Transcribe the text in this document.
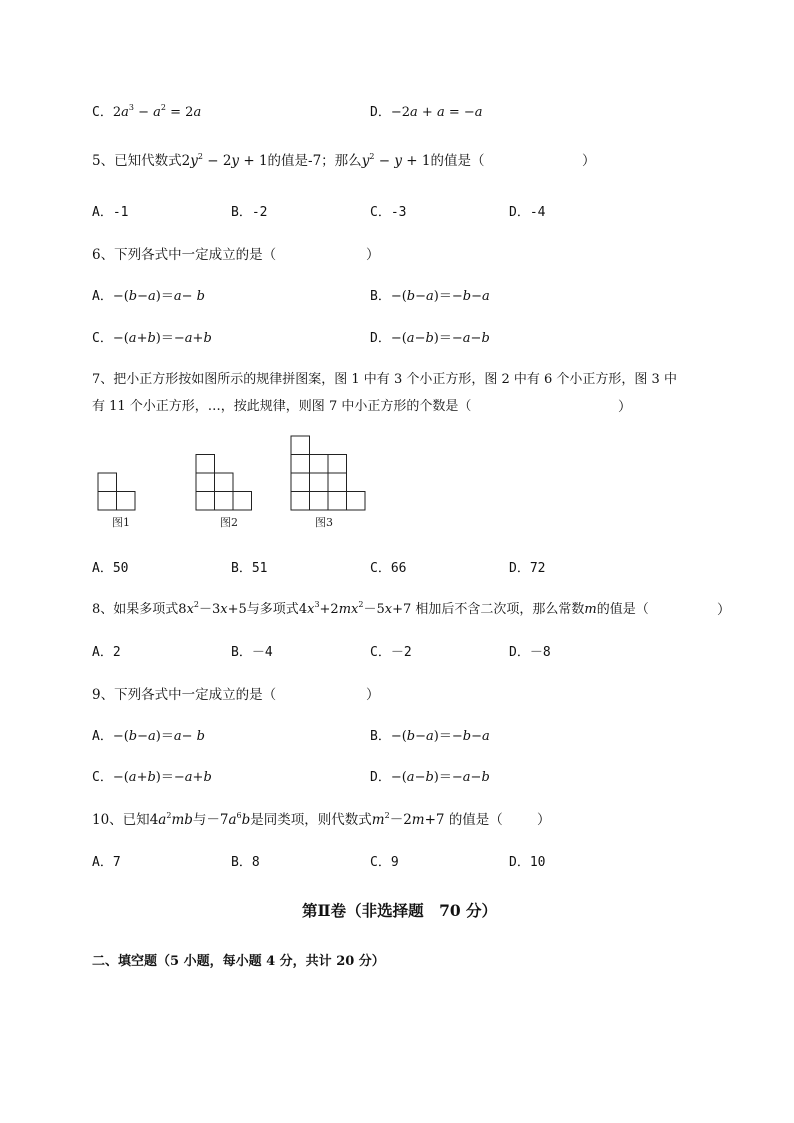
C．$2a^3 - a^2 = 2a$	D．−2a + a = −a
5、已知代数式$2y^2 - 2y + 1$的值是-7；那么$y^2 - y + 1$的值是（	）
A．-1	B．-2	C．-3	D．-4
6、下列各式中一定成立的是（	）
A．−(b−a)＝a− b	B．−(b−a)＝−b−a
C．−(a+b)＝−a+b	D．−(a−b)＝−a−b
7、把小正方形按如图所示的规律拼图案，图 1 中有 3 个小正方形，图 2 中有 6 个小正方形，图 3 中
有 11 个小正方形，…，按此规律，则图 7 中小正方形的个数是（	）
图1	图2	图3
A．50	B．51	C．66	D．72
8、如果多项式$8x^2-3x+5$与多项式$4x^3+2mx^2-5x+7$ 相加后不含二次项，那么常数m的值是（	）
A．2	B．－4	C．－2	D．－8
9、下列各式中一定成立的是（	）
A．−(b−a)＝a− b	B．−(b−a)＝−b−a
C．−(a+b)＝−a+b	D．−(a−b)＝−a−b
10、已知$4a^2mb$与$-7a^6b$是同类项，则代数式$m^2-2m+7$ 的值是（	）
A．7	B．8	C．9	D．10
第Ⅱ卷（非选择题　70 分）
二、填空题（5 小题，每小题 4 分，共计 20 分）
